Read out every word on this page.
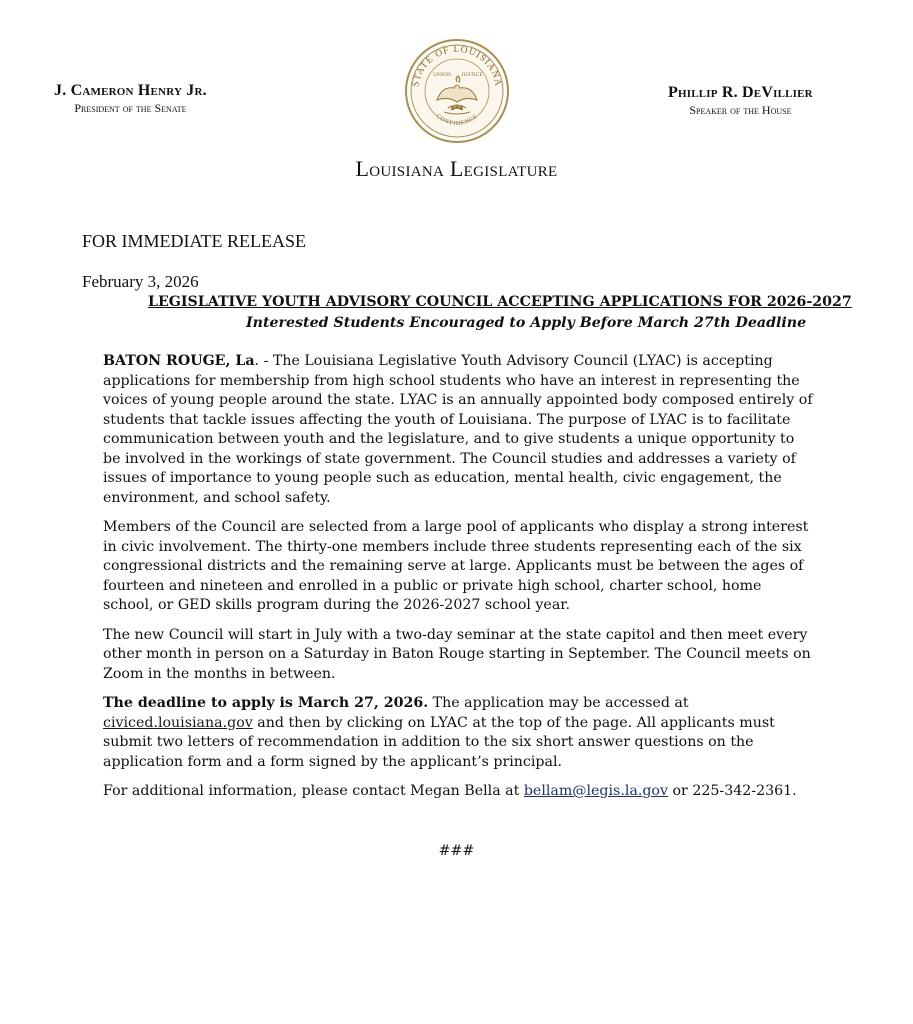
J. Cameron Henry Jr.
President of the Senate
STATE OF LOUISIANA
UNION JUSTICE
CONFIDENCE
Phillip R. DeVillier
Speaker of the House
Louisiana Legislature
FOR IMMEDIATE RELEASE
February 3, 2026
LEGISLATIVE YOUTH ADVISORY COUNCIL ACCEPTING APPLICATIONS FOR 2026-2027
Interested Students Encouraged to Apply Before March 27th Deadline

BATON ROUGE, La. - The Louisiana Legislative Youth Advisory Council (LYAC) is accepting applications for membership from high school students who have an interest in representing the voices of young people around the state. LYAC is an annually appointed body composed entirely of students that tackle issues affecting the youth of Louisiana. The purpose of LYAC is to facilitate communication between youth and the legislature, and to give students a unique opportunity to be involved in the workings of state government. The Council studies and addresses a variety of issues of importance to young people such as education, mental health, civic engagement, the environment, and school safety.

Members of the Council are selected from a large pool of applicants who display a strong interest in civic involvement. The thirty-one members include three students representing each of the six congressional districts and the remaining serve at large. Applicants must be between the ages of fourteen and nineteen and enrolled in a public or private high school, charter school, home school, or GED skills program during the 2026-2027 school year.

The new Council will start in July with a two-day seminar at the state capitol and then meet every other month in person on a Saturday in Baton Rouge starting in September. The Council meets on Zoom in the months in between.

The deadline to apply is March 27, 2026. The application may be accessed at civiced.louisiana.gov and then by clicking on LYAC at the top of the page. All applicants must submit two letters of recommendation in addition to the six short answer questions on the application form and a form signed by the applicant’s principal.

For additional information, please contact Megan Bella at bellam@legis.la.gov or 225-342-2361.

###
